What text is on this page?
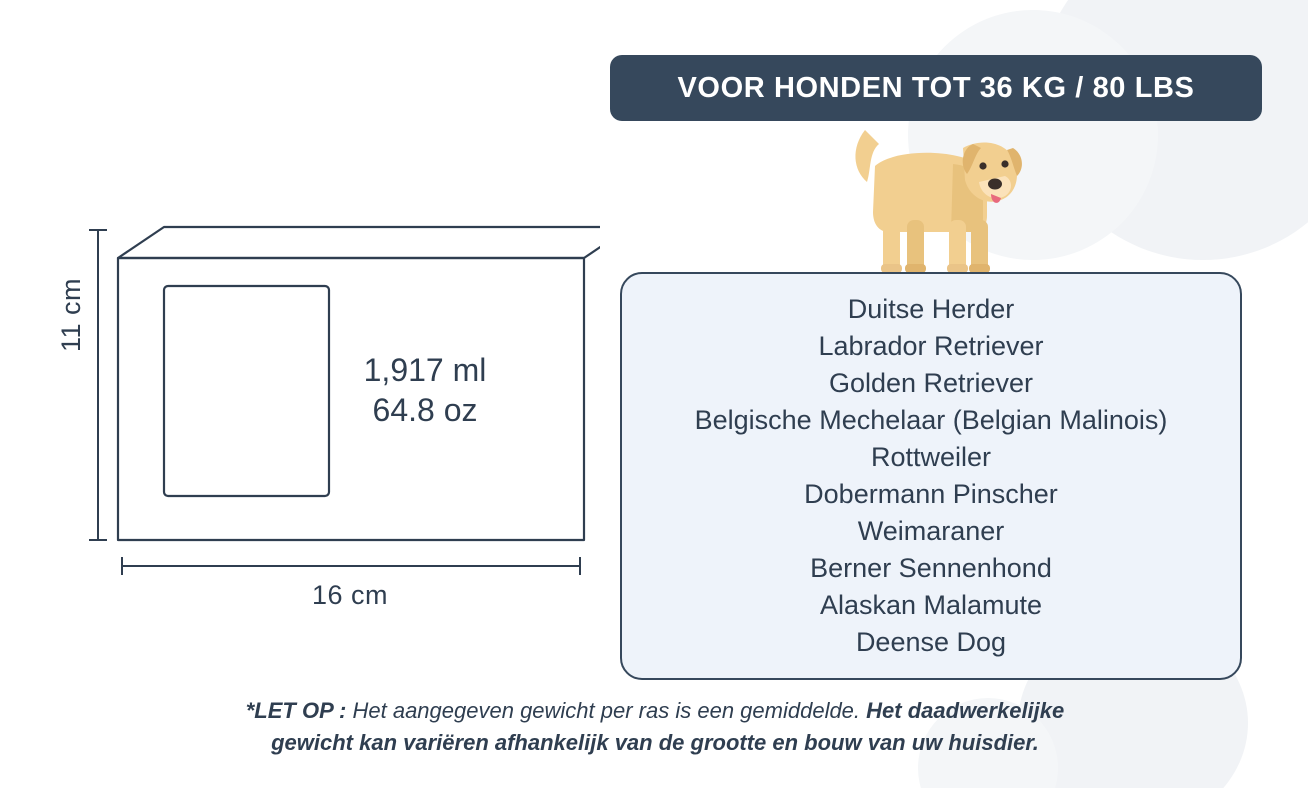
11 cm
16 cm
1,917 ml
64.8 oz
VOOR HONDEN TOT 36 KG / 80 LBS
Duitse Herder
Labrador Retriever
Golden Retriever
Belgische Mechelaar (Belgian Malinois)
Rottweiler
Dobermann Pinscher
Weimaraner
Berner Sennenhond
Alaskan Malamute
Deense Dog
*LET OP : Het aangegeven gewicht per ras is een gemiddelde. Het daadwerkelijke
gewicht kan variëren afhankelijk van de grootte en bouw van uw huisdier.
